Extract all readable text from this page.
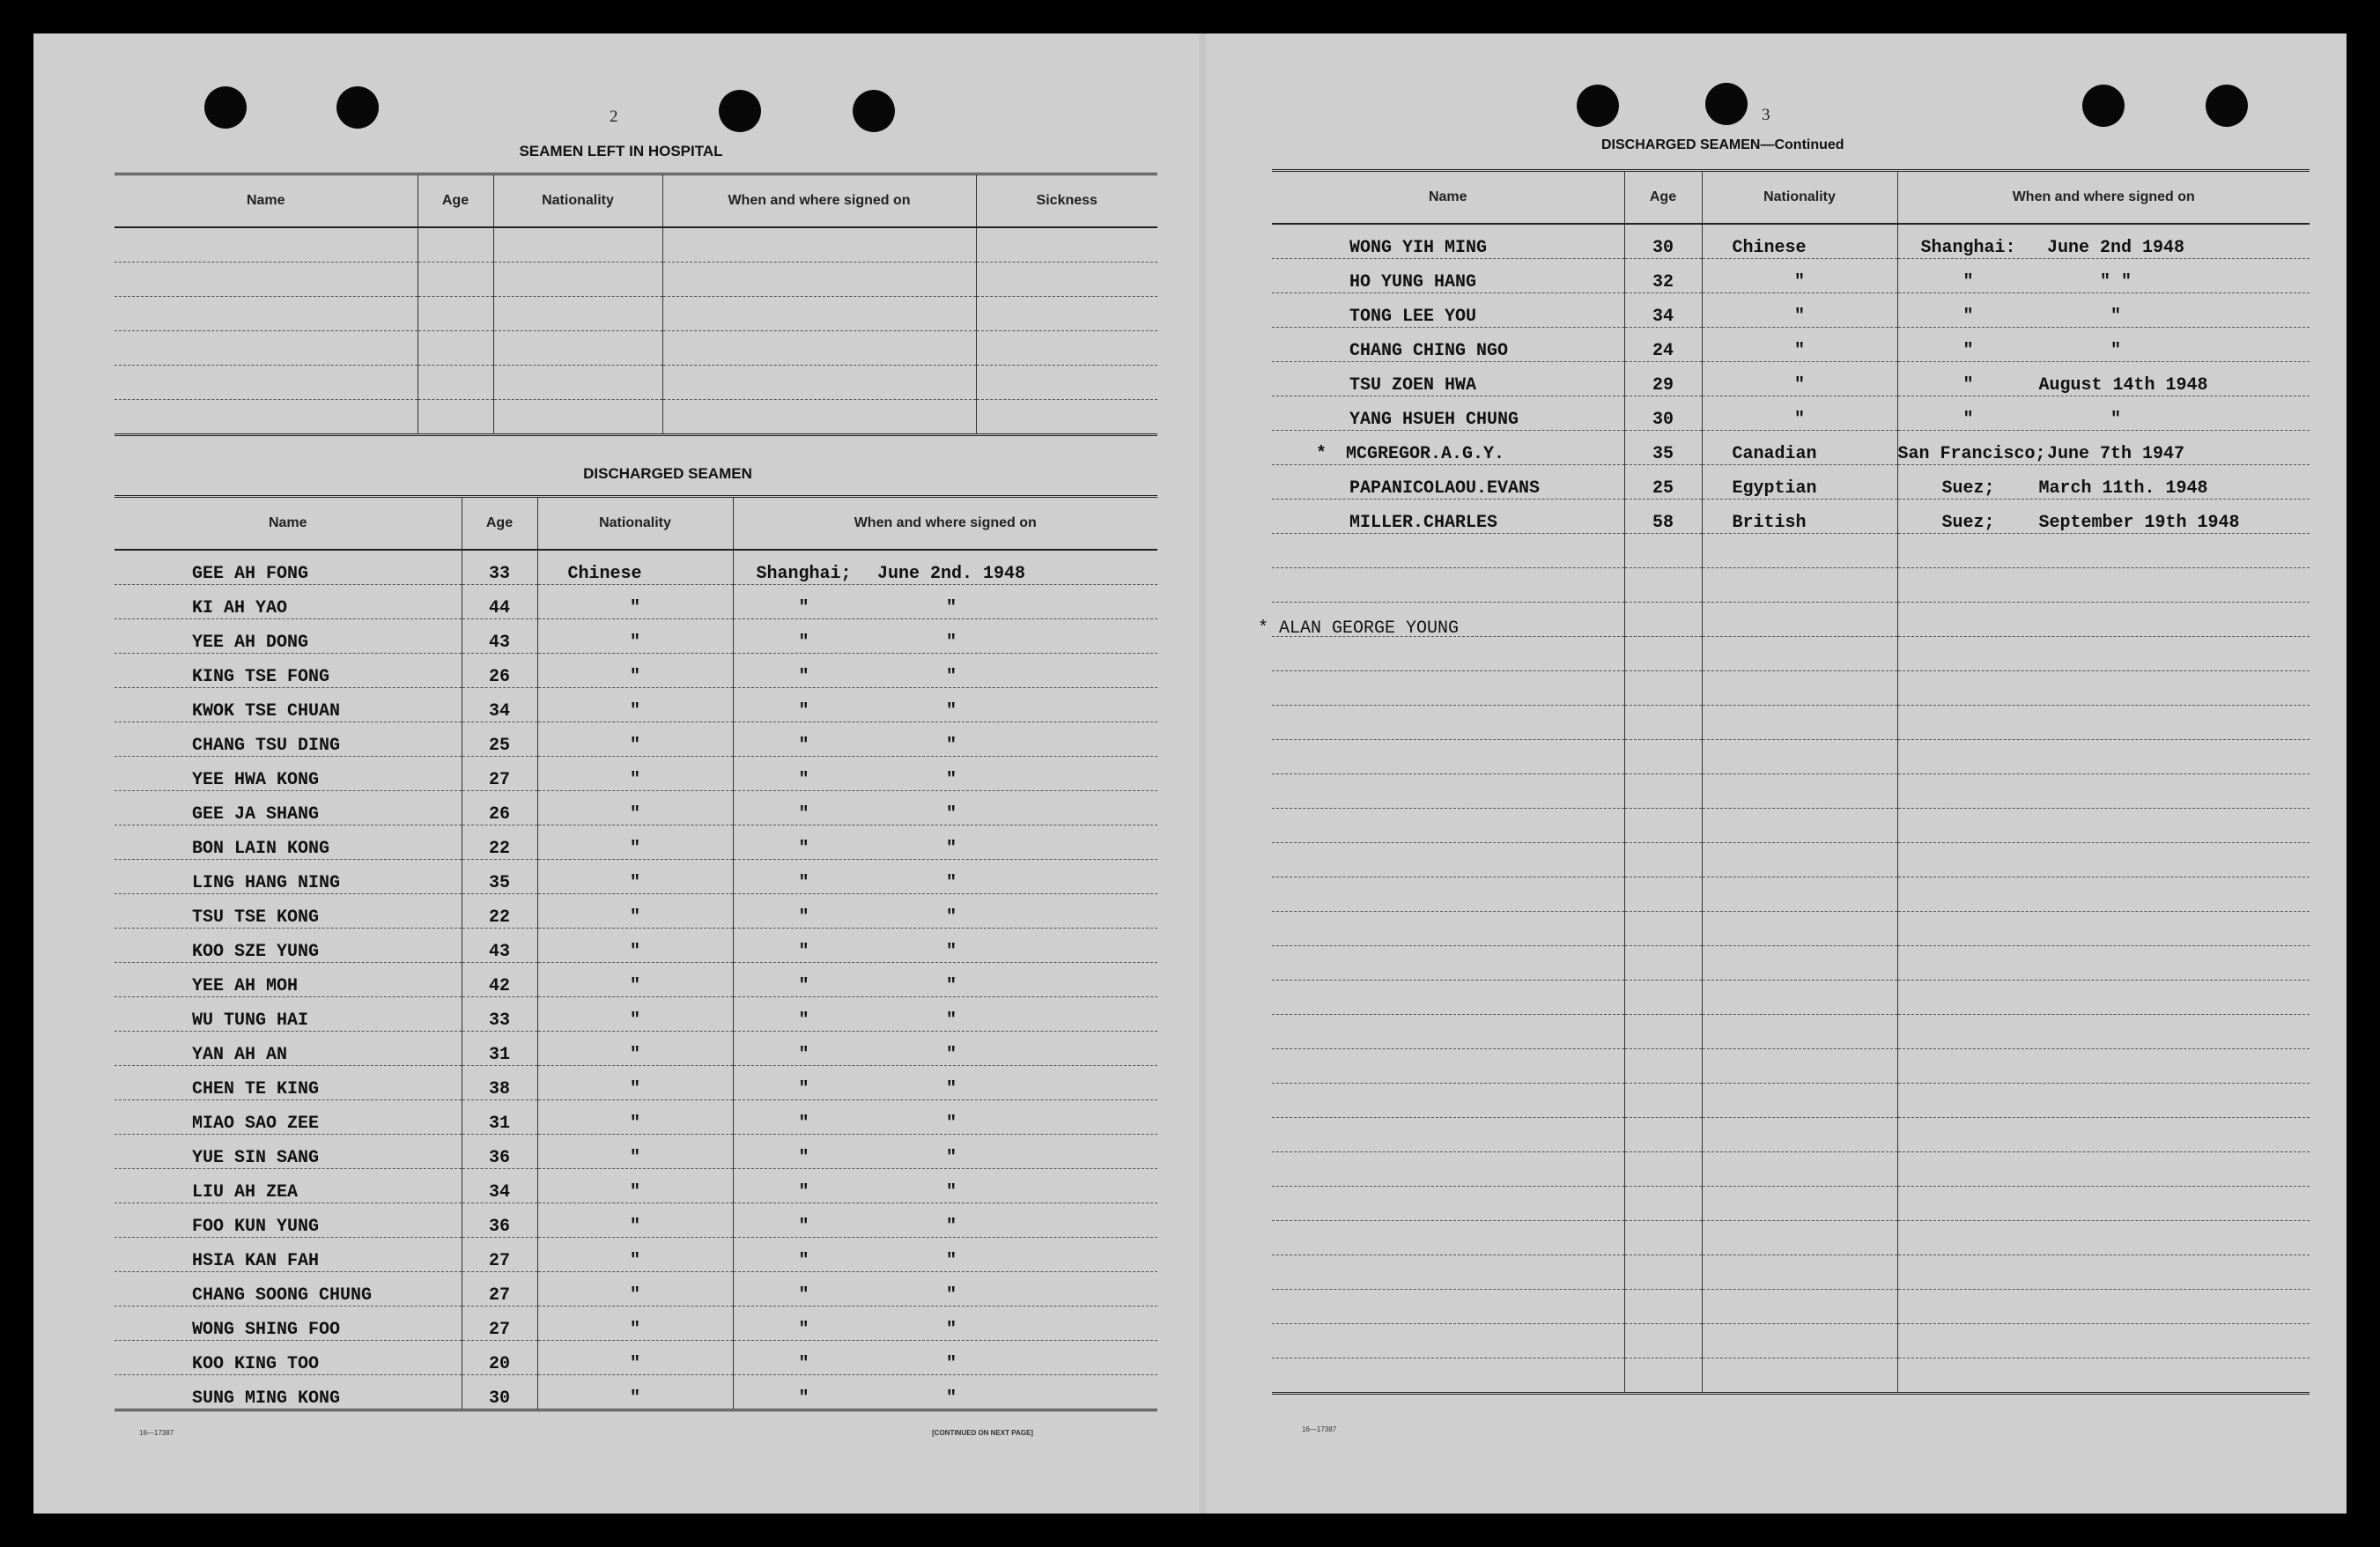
2
SEAMEN LEFT IN HOSPITAL
Name	Age	Nationality	When and where signed on	Sickness

DISCHARGED SEAMEN
Name	Age	Nationality	When and where signed on
GEE AH FONG	33	Chinese	Shanghai; June 2nd. 1948
KI AH YAO	44	"	" "
YEE AH DONG	43	"	" "
KING TSE FONG	26	"	" "
KWOK TSE CHUAN	34	"	" "
CHANG TSU DING	25	"	" "
YEE HWA KONG	27	"	" "
GEE JA SHANG	26	"	" "
BON LAIN KONG	22	"	" "
LING HANG NING	35	"	" "
TSU TSE KONG	22	"	" "
KOO SZE YUNG	43	"	" "
YEE AH MOH	42	"	" "
WU TUNG HAI	33	"	" "
YAN AH AN	31	"	" "
CHEN TE KING	38	"	" "
MIAO SAO ZEE	31	"	" "
YUE SIN SANG	36	"	" "
LIU AH ZEA	34	"	" "
FOO KUN YUNG	36	"	" "
HSIA KAN FAH	27	"	" "
CHANG SOONG CHUNG	27	"	" "
WONG SHING FOO	27	"	" "
KOO KING TOO	20	"	" "
SUNG MING KONG	30	"	" "
16—17387	[CONTINUED ON NEXT PAGE]
3
DISCHARGED SEAMEN—Continued
Name	Age	Nationality	When and where signed on
WONG YIH MING	30	Chinese	Shanghai: June 2nd 1948
HO YUNG HANG	32	"	" " "
TONG LEE YOU	34	"	" "
CHANG CHING NGO	24	"	" "
TSU ZOEN HWA	29	"	" August 14th 1948
YANG HSUEH CHUNG	30	"	" "
* MCGREGOR.A.G.Y.	35	Canadian	San Francisco;June 7th 1947
PAPANICOLAOU.EVANS	25	Egyptian	Suez; March 11th. 1948
MILLER.CHARLES	58	British	Suez; September 19th 1948

* ALAN GEORGE YOUNG
16—17387
